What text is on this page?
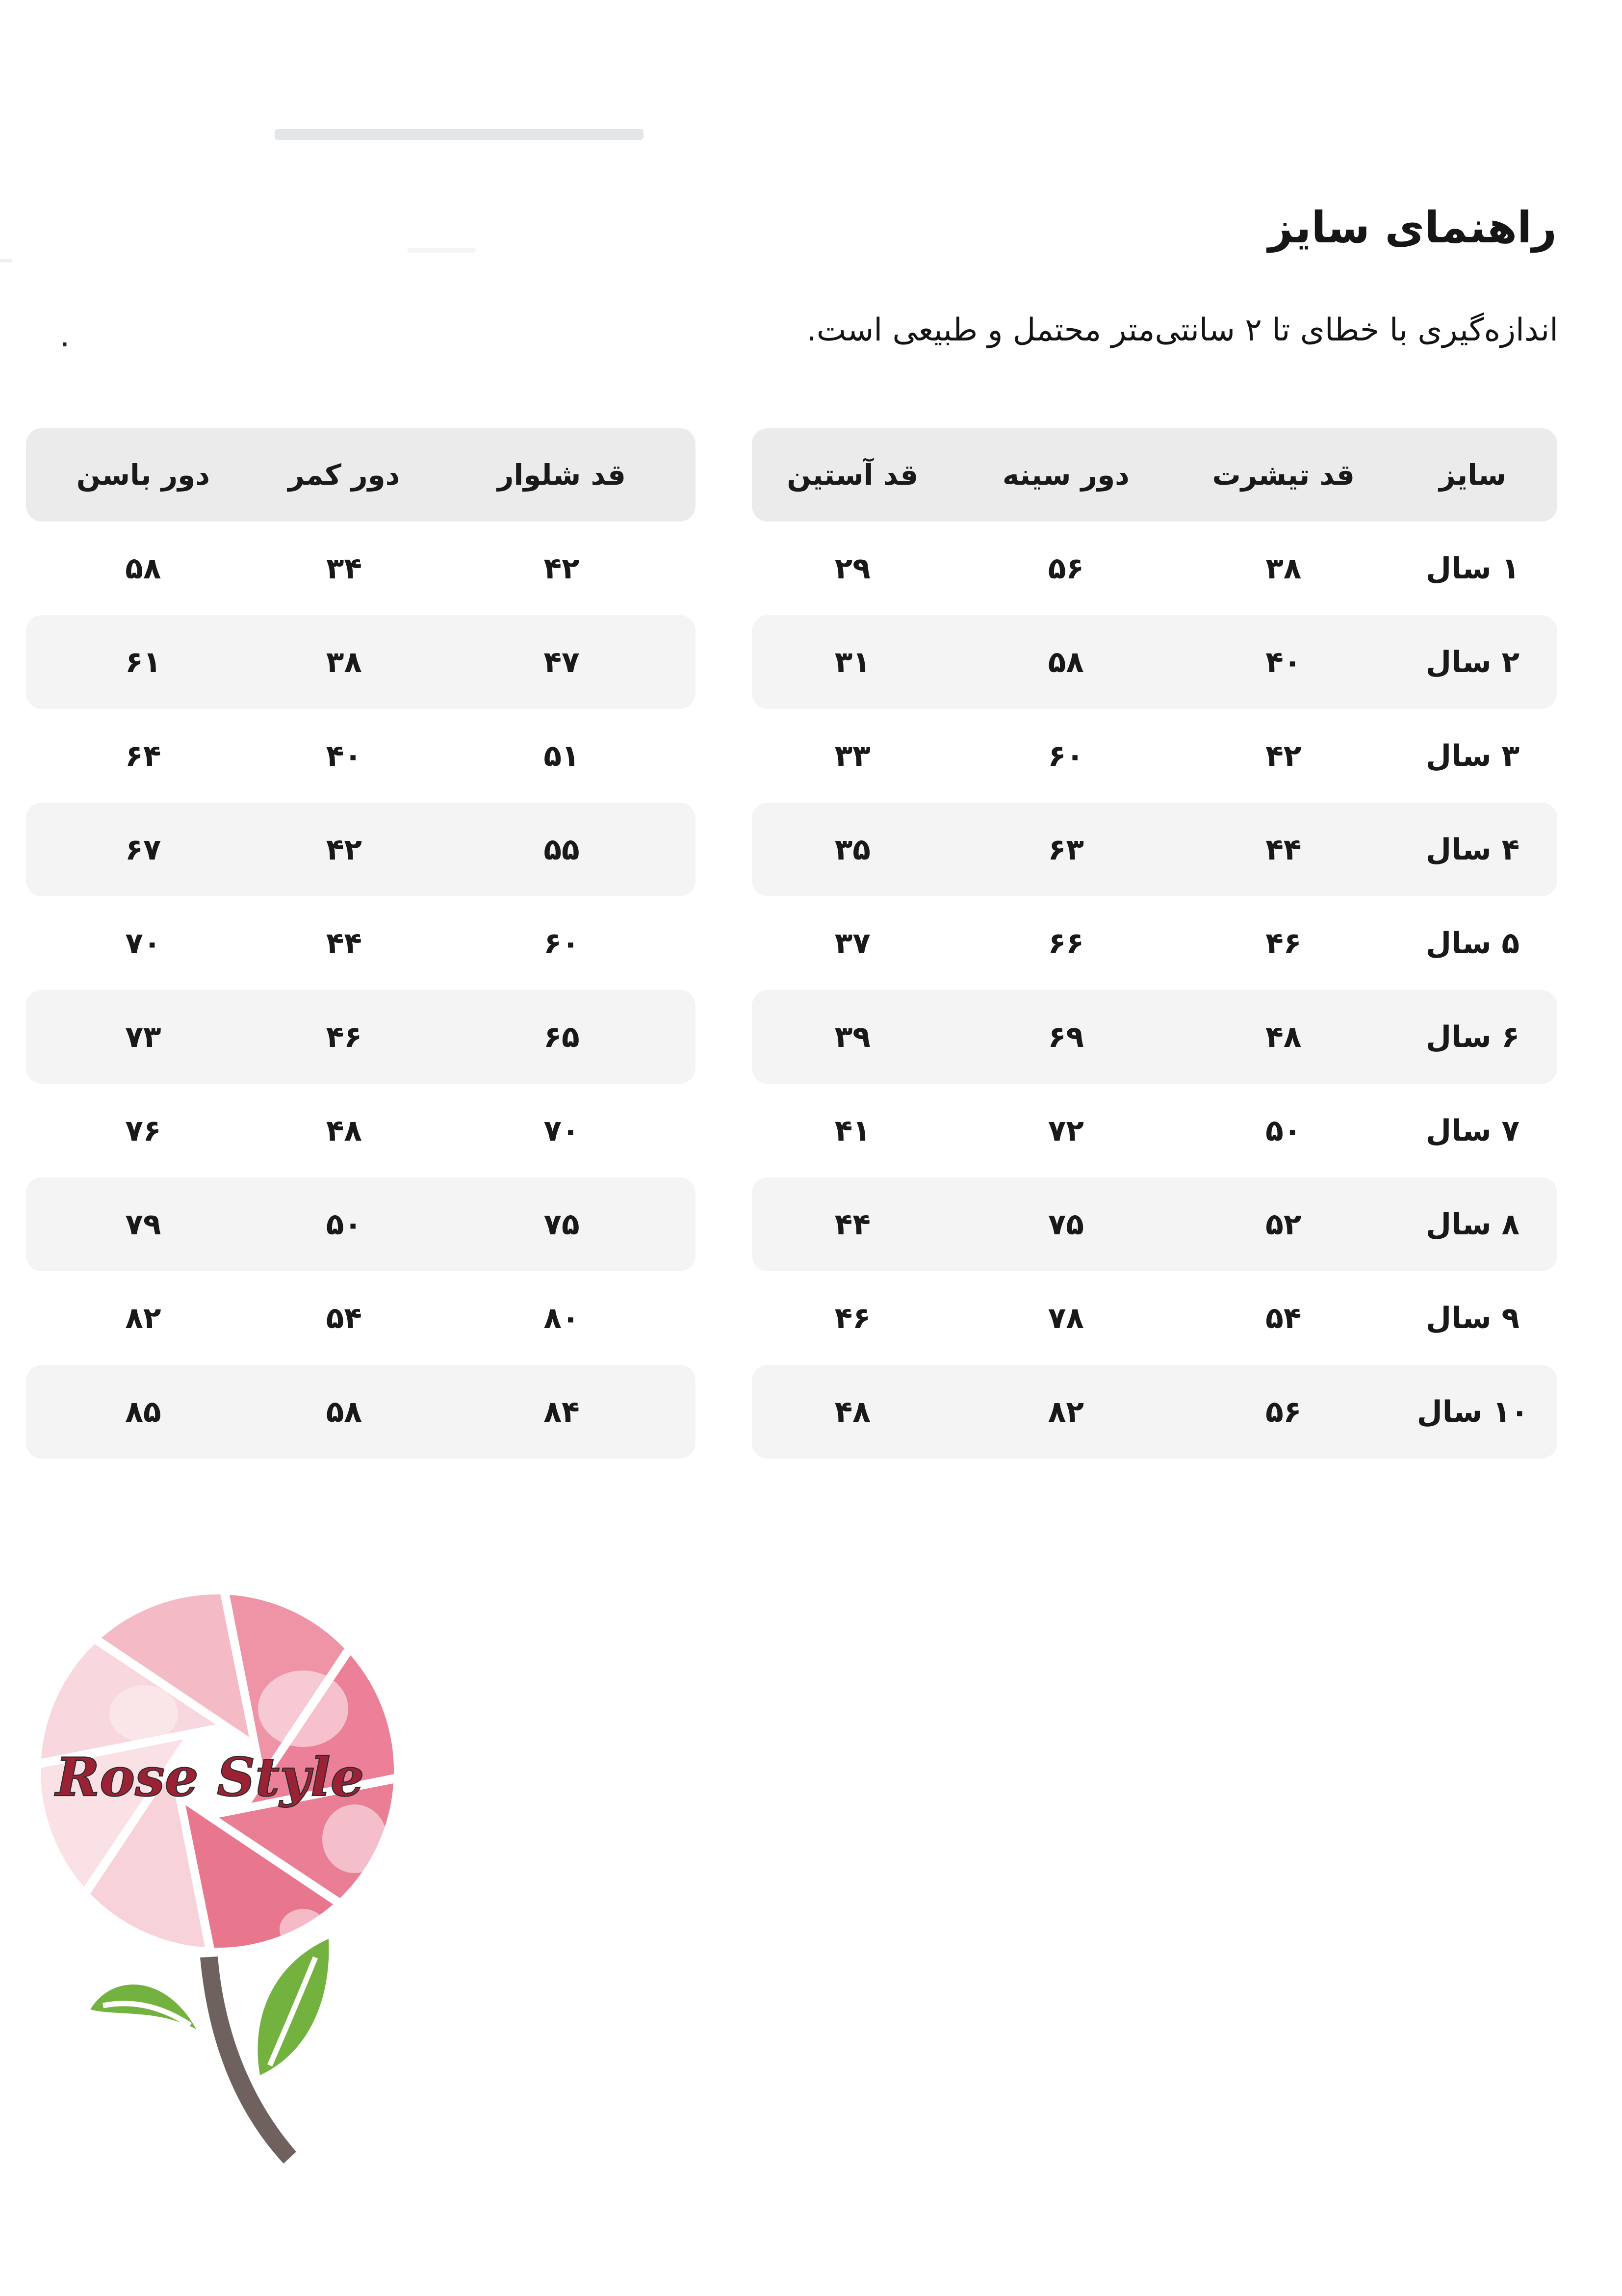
راهنمای سایز
اندازه‌گیری با خطای تا ۲ سانتی‌متر محتمل و طبیعی است.
.
سایز
قد تیشرت
دور سینه
قد آستین
۱ سال
۳۸
۵۶
۲۹
۲ سال
۴۰
۵۸
۳۱
۳ سال
۴۲
۶۰
۳۳
۴ سال
۴۴
۶۳
۳۵
۵ سال
۴۶
۶۶
۳۷
۶ سال
۴۸
۶۹
۳۹
۷ سال
۵۰
۷۲
۴۱
۸ سال
۵۲
۷۵
۴۴
۹ سال
۵۴
۷۸
۴۶
۱۰ سال
۵۶
۸۲
۴۸
قد شلوار
دور کمر
دور باسن
۴۲
۳۴
۵۸
۴۷
۳۸
۶۱
۵۱
۴۰
۶۴
۵۵
۴۲
۶۷
۶۰
۴۴
۷۰
۶۵
۴۶
۷۳
۷۰
۴۸
۷۶
۷۵
۵۰
۷۹
۸۰
۵۴
۸۲
۸۴
۵۸
۸۵
Rose Style
